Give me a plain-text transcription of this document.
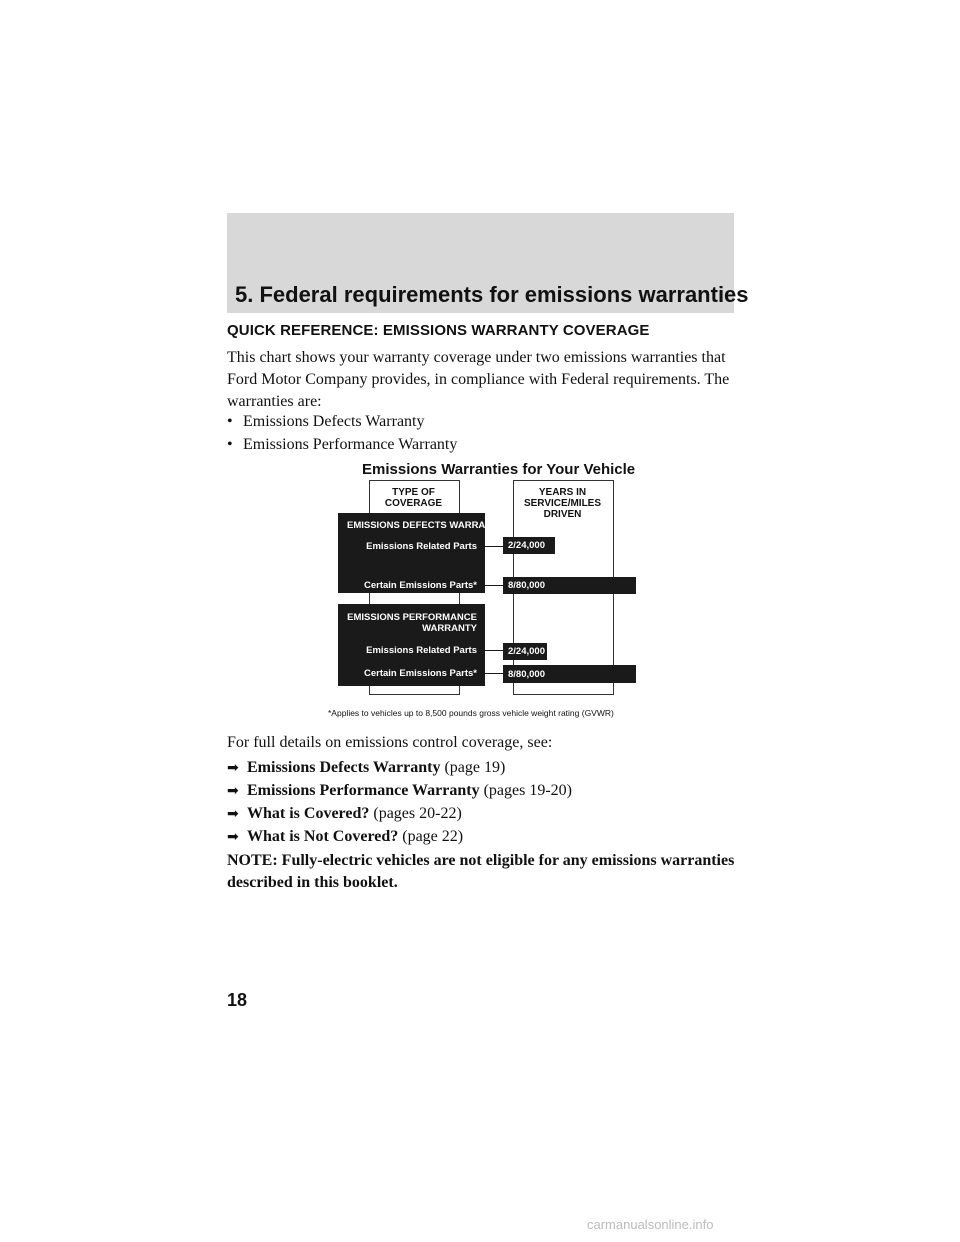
5. Federal requirements for emissions warranties
QUICK REFERENCE: EMISSIONS WARRANTY COVERAGE
This chart shows your warranty coverage under two emissions warranties that Ford Motor Company provides, in compliance with Federal requirements. The warranties are:
• Emissions Defects Warranty
• Emissions Performance Warranty
Emissions Warranties for Your Vehicle
TYPE OF
COVERAGE
YEARS IN
SERVICE/MILES
DRIVEN
EMISSIONS DEFECTS WARRANTY
Emissions Related Parts
Certain Emissions Parts*
2/24,000
8/80,000
EMISSIONS PERFORMANCE
WARRANTY
Emissions Related Parts
Certain Emissions Parts*
2/24,000
8/80,000
*Applies to vehicles up to 8,500 pounds gross vehicle weight rating (GVWR)
For full details on emissions control coverage, see:
➡ Emissions Defects Warranty (page 19)
➡ Emissions Performance Warranty (pages 19-20)
➡ What is Covered? (pages 20-22)
➡ What is Not Covered? (page 22)
NOTE: Fully-electric vehicles are not eligible for any emissions warranties described in this booklet.
18
carmanualsonline.info
